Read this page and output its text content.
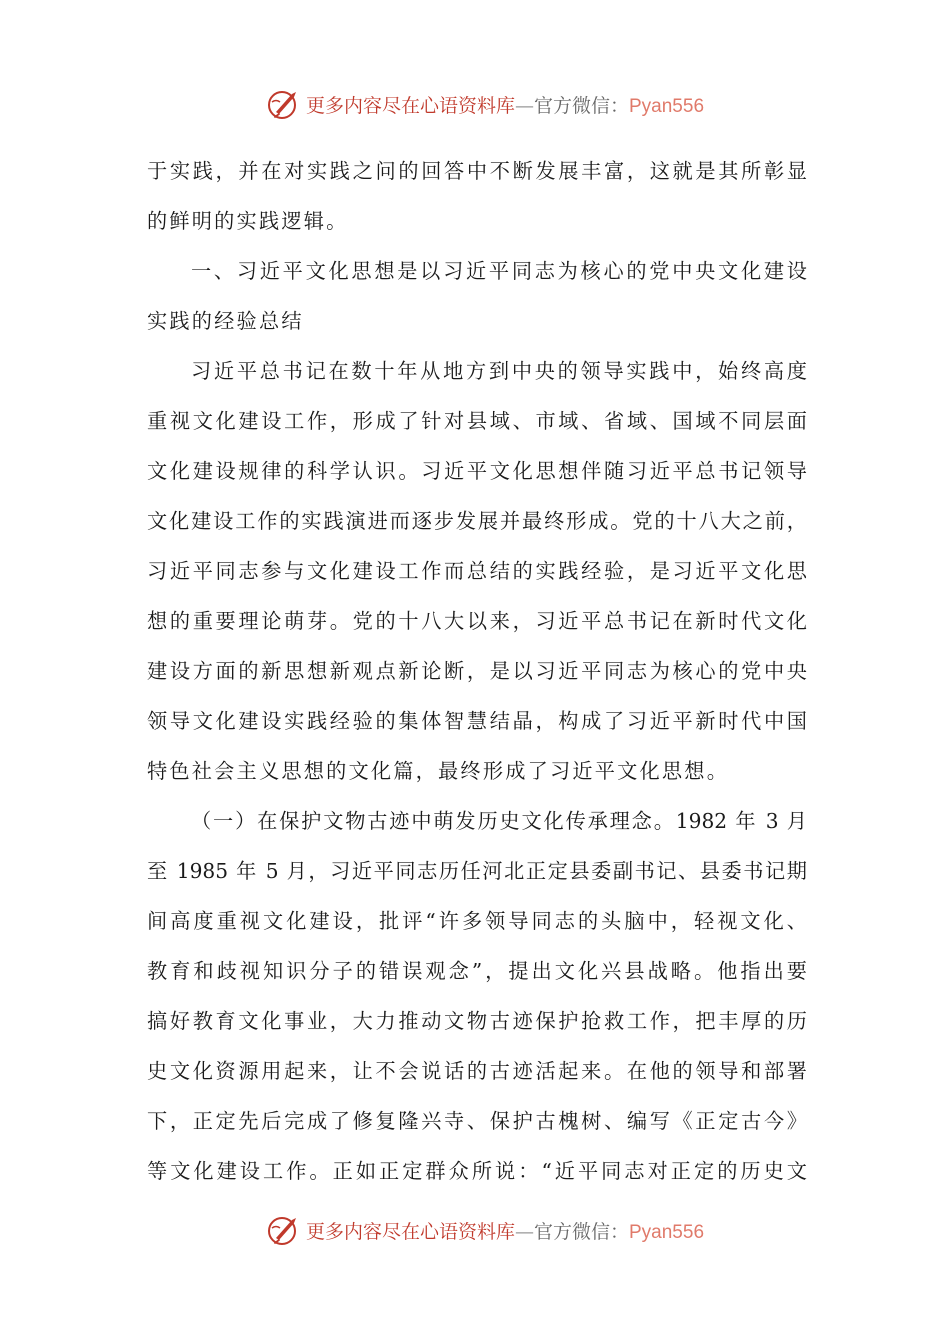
更多内容尽在心语资料库—官方微信：Pyan556
于实践，并在对实践之问的回答中不断发展丰富，这就是其所彰显
的鲜明的实践逻辑。
一、习近平文化思想是以习近平同志为核心的党中央文化建设
实践的经验总结
习近平总书记在数十年从地方到中央的领导实践中，始终高度
重视文化建设工作，形成了针对县域、市域、省域、国域不同层面
文化建设规律的科学认识。习近平文化思想伴随习近平总书记领导
文化建设工作的实践演进而逐步发展并最终形成。党的十八大之前，
习近平同志参与文化建设工作而总结的实践经验，是习近平文化思
想的重要理论萌芽。党的十八大以来，习近平总书记在新时代文化
建设方面的新思想新观点新论断，是以习近平同志为核心的党中央
领导文化建设实践经验的集体智慧结晶，构成了习近平新时代中国
特色社会主义思想的文化篇，最终形成了习近平文化思想。
（一）在保护文物古迹中萌发历史文化传承理念。1982 年 3 月
至 1985 年 5 月，习近平同志历任河北正定县委副书记、县委书记期
间高度重视文化建设，批评“许多领导同志的头脑中，轻视文化、
教育和歧视知识分子的错误观念”，提出文化兴县战略。他指出要
搞好教育文化事业，大力推动文物古迹保护抢救工作，把丰厚的历
史文化资源用起来，让不会说话的古迹活起来。在他的领导和部署
下，正定先后完成了修复隆兴寺、保护古槐树、编写《正定古今》
等文化建设工作。正如正定群众所说：“近平同志对正定的历史文
更多内容尽在心语资料库—官方微信：Pyan556
